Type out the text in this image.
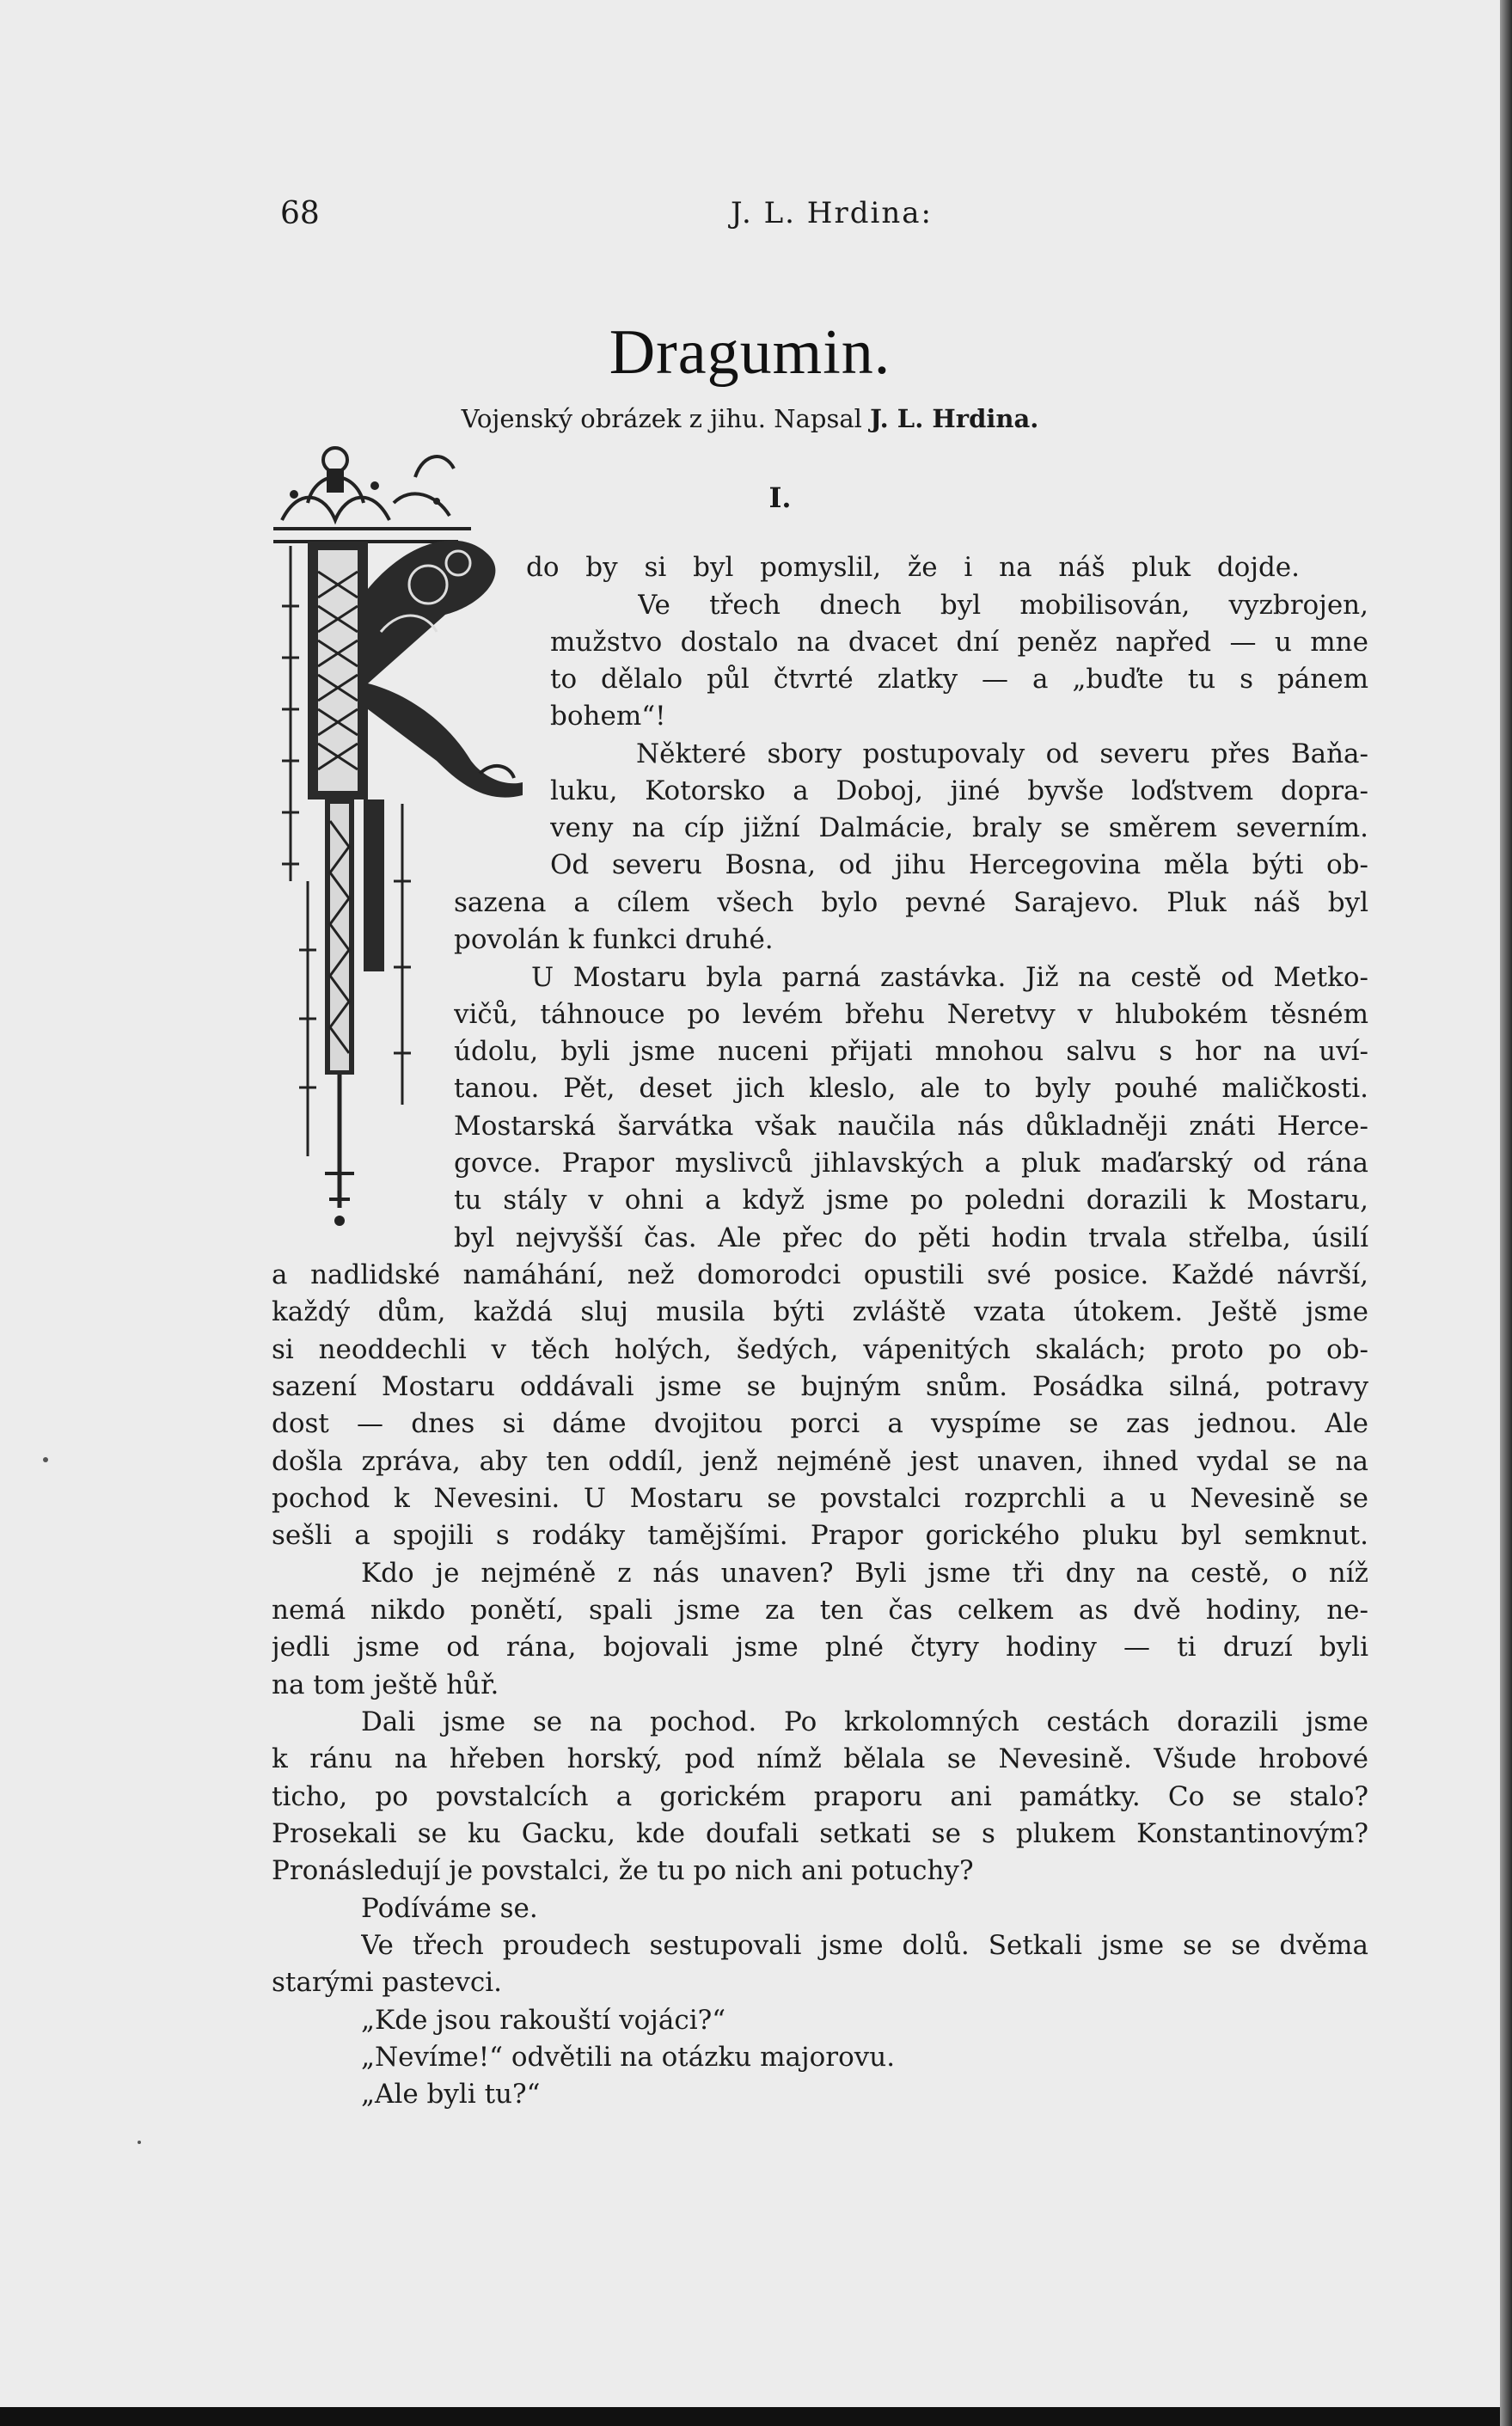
68	J. L. Hrdina:
Dragumin.
Vojenský obrázek z jihu. Napsal J. L. Hrdina.
I.
do by si byl pomyslil, že i na náš pluk dojde.
Ve třech dnech byl mobilisován, vyzbrojen,
mužstvo dostalo na dvacet dní peněz napřed — u mne
to dělalo půl čtvrté zlatky — a „buďte tu s pánem
bohem“!
Některé sbory postupovaly od severu přes Baňa-
luku, Kotorsko a Doboj, jiné byvše loďstvem dopra-
veny na cíp jižní Dalmácie, braly se směrem severním.
Od severu Bosna, od jihu Hercegovina měla býti ob-
sazena a cílem všech bylo pevné Sarajevo. Pluk náš byl
povolán k funkci druhé.
U Mostaru byla parná zastávka. Již na cestě od Metko-
vičů, táhnouce po levém břehu Neretvy v hlubokém těsném
údolu, byli jsme nuceni přijati mnohou salvu s hor na uví-
tanou. Pět, deset jich kleslo, ale to byly pouhé maličkosti.
Mostarská šarvátka však naučila nás důkladněji znáti Herce-
govce. Prapor myslivců jihlavských a pluk maďarský od rána
tu stály v ohni a když jsme po poledni dorazili k Mostaru,
byl nejvyšší čas. Ale přec do pěti hodin trvala střelba, úsilí
a nadlidské namáhání, než domorodci opustili své posice. Každé návrší,
každý dům, každá sluj musila býti zvláště vzata útokem. Ještě jsme
si neoddechli v těch holých, šedých, vápenitých skalách; proto po ob-
sazení Mostaru oddávali jsme se bujným snům. Posádka silná, potravy
dost — dnes si dáme dvojitou porci a vyspíme se zas jednou. Ale
došla zpráva, aby ten oddíl, jenž nejméně jest unaven, ihned vydal se na
pochod k Nevesini. U Mostaru se povstalci rozprchli a u Nevesině se
sešli a spojili s rodáky tamějšími. Prapor gorického pluku byl semknut.
Kdo je nejméně z nás unaven? Byli jsme tři dny na cestě, o níž
nemá nikdo ponětí, spali jsme za ten čas celkem as dvě hodiny, ne-
jedli jsme od rána, bojovali jsme plné čtyry hodiny — ti druzí byli
na tom ještě hůř.
Dali jsme se na pochod. Po krkolomných cestách dorazili jsme
k ránu na hřeben horský, pod nímž bělala se Nevesině. Všude hrobové
ticho, po povstalcích a gorickém praporu ani památky. Co se stalo?
Prosekali se ku Gacku, kde doufali setkati se s plukem Konstantinovým?
Pronásledují je povstalci, že tu po nich ani potuchy?
Podíváme se.
Ve třech proudech sestupovali jsme dolů. Setkali jsme se se dvěma
starými pastevci.
„Kde jsou rakouští vojáci?“
„Nevíme!“ odvětili na otázku majorovu.
„Ale byli tu?“
